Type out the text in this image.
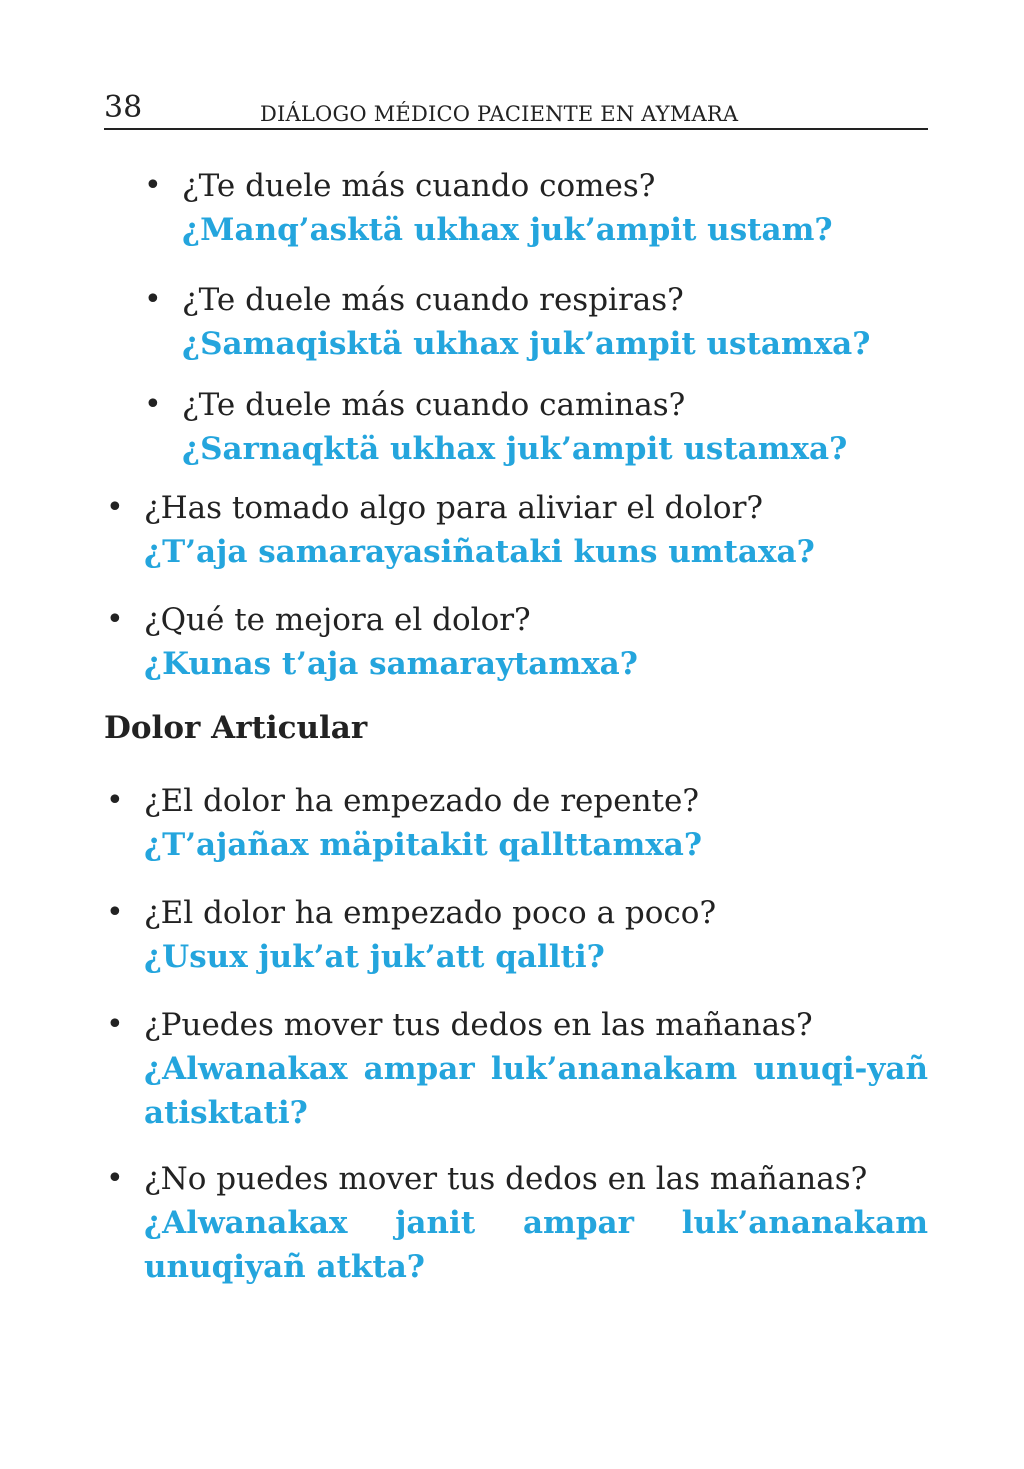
38	DIÁLOGO MÉDICO PACIENTE EN AYMARA
• ¿Te duele más cuando comes?
¿Manq’asktä ukhax juk’ampit ustam?
• ¿Te duele más cuando respiras?
¿Samaqisktä ukhax juk’ampit ustamxa?
• ¿Te duele más cuando caminas?
¿Sarnaqktä ukhax juk’ampit ustamxa?
• ¿Has tomado algo para aliviar el dolor?
¿T’aja samarayasiñataki kuns umtaxa?
• ¿Qué te mejora el dolor?
¿Kunas t’aja samaraytamxa?
Dolor Articular
• ¿El dolor ha empezado de repente?
¿T’ajañax mäpitakit qallttamxa?
• ¿El dolor ha empezado poco a poco?
¿Usux juk’at juk’att qallti?
• ¿Puedes mover tus dedos en las mañanas?
¿Alwanakax ampar luk’ananakam unuqi-yañ atisktati?
• ¿No puedes mover tus dedos en las mañanas?
¿Alwanakax janit ampar luk’ananakam unuqiyañ atkta?
